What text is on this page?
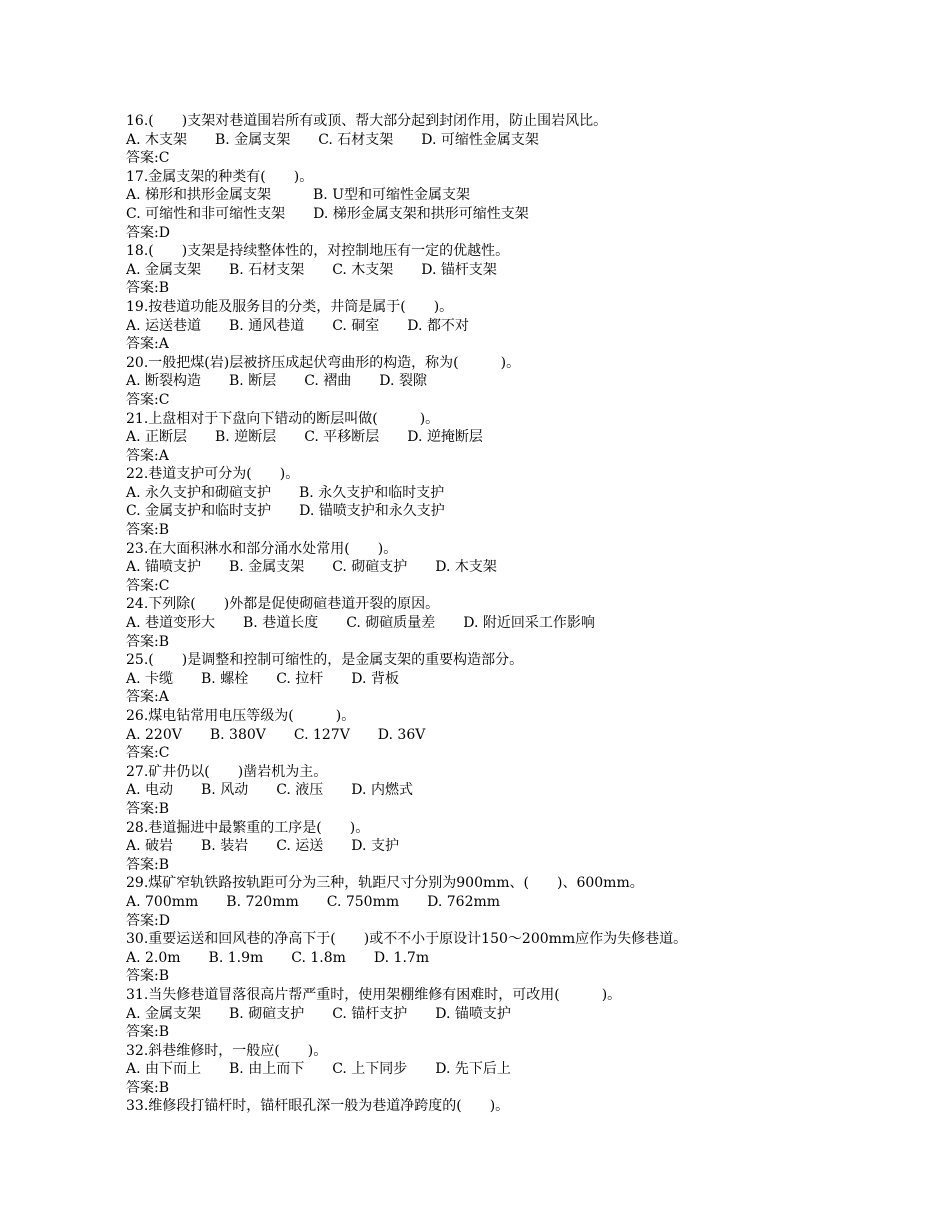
16.(　　)支架对巷道围岩所有或顶、帮大部分起到封闭作用，防止围岩风比。
A. 木支架　　B. 金属支架　　C. 石材支架　　D. 可缩性金属支架
答案:C
17.金属支架的种类有(　　)。
A. 梯形和拱形金属支架　　　B. U型和可缩性金属支架
C. 可缩性和非可缩性支架　　D. 梯形金属支架和拱形可缩性支架
答案:D
18.(　　)支架是持续整体性的，对控制地压有一定的优越性。
A. 金属支架　　B. 石材支架　　C. 木支架　　D. 锚杆支架
答案:B
19.按巷道功能及服务目的分类，井筒是属于(　　)。
A. 运送巷道　　B. 通风巷道　　C. 硐室　　D. 都不对
答案:A
20.一般把煤(岩)层被挤压成起伏弯曲形的构造，称为(　　　)。
A. 断裂构造　　B. 断层　　C. 褶曲　　D. 裂隙
答案:C
21.上盘相对于下盘向下错动的断层叫做(　　　)。
A. 正断层　　B. 逆断层　　C. 平移断层　　D. 逆掩断层
答案:A
22.巷道支护可分为(　　)。
A. 永久支护和砌碹支护　　B. 永久支护和临时支护
C. 金属支护和临时支护　　D. 锚喷支护和永久支护
答案:B
23.在大面积淋水和部分涌水处常用(　　)。
A. 锚喷支护　　B. 金属支架　　C. 砌碹支护　　D. 木支架
答案:C
24.下列除(　　)外都是促使砌碹巷道开裂的原因。
A. 巷道变形大　　B. 巷道长度　　C. 砌碹质量差　　D. 附近回采工作影响
答案:B
25.(　　)是调整和控制可缩性的，是金属支架的重要构造部分。
A. 卡缆　　B. 螺栓　　C. 拉杆　　D. 背板
答案:A
26.煤电钻常用电压等级为(　　　)。
A. 220V　　B. 380V　　C. 127V　　D. 36V
答案:C
27.矿井仍以(　　)凿岩机为主。
A. 电动　　B. 风动　　C. 液压　　D. 内燃式
答案:B
28.巷道掘进中最繁重的工序是(　　)。
A. 破岩　　B. 装岩　　C. 运送　　D. 支护
答案:B
29.煤矿窄轨铁路按轨距可分为三种，轨距尺寸分别为900mm、(　　)、600mm。
A. 700mm　　B. 720mm　　C. 750mm　　D. 762mm
答案:D
30.重要运送和回风巷的净高下于(　　)或不不小于原设计150～200mm应作为失修巷道。
A. 2.0m　　B. 1.9m　　C. 1.8m　　D. 1.7m
答案:B
31.当失修巷道冒落很高片帮严重时，使用架棚维修有困难时，可改用(　　　)。
A. 金属支架　　B. 砌碹支护　　C. 锚杆支护　　D. 锚喷支护
答案:B
32.斜巷维修时，一般应(　　)。
A. 由下而上　　B. 由上而下　　C. 上下同步　　D. 先下后上
答案:B
33.维修段打锚杆时，锚杆眼孔深一般为巷道净跨度的(　　)。
